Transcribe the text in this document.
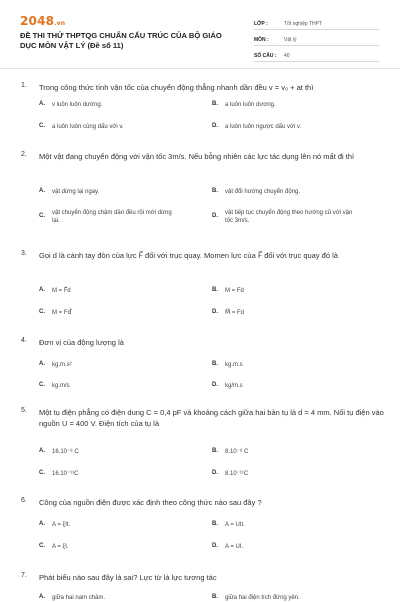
2048.vn
ĐỀ THI THỬ THPTQG CHUẨN CẤU TRÚC CỦA BỘ GIÁO DỤC MÔN VẬT LÝ (Đề số 11)
LỚP :	Tốt nghiệp THPT
MÔN :	Vật lý
SỐ CÂU : 40
1. Trong công thức tính vận tốc của chuyển động thẳng nhanh dần đều v = v₀ + at thì
A. v luôn luôn dương.	B. a luôn luôn dương.
C. a luôn luôn cùng dấu với v.	D. a luôn luôn ngược dấu với v.
2. Một vật đang chuyển động với vận tốc 3m/s. Nếu bỗng nhiên các lực tác dụng lên nó mất đi thì
A. vật dừng lại ngay.	B. vật đổi hướng chuyển động.
C. vật chuyển động chậm dần đều rồi mới dừng lại.
D. vật tiếp tục chuyển động theo hướng cũ với vận tốc 3m/s.
3. Gọi d là cánh tay đòn của lực F⃗ đối với trục quay. Momen lực của F⃗ đối với trục quay đó là
A. M = F⃗d	B. M = Fd
C. M = Fd⃗	D. M⃗ = Fd
4. Đơn vị của động lượng là
A. kg.m.s²	B. kg.m.s
C. kg.m/s	D. kg/m.s
5. Một tụ điện phẳng có điện dung C = 0,4 pF và khoảng cách giữa hai bản tụ là d = 4 mm. Nối tụ điện vào nguồn U = 400 V. Điện tích của tụ là
A. 16.10⁻⁸ C	B. 8.10⁻⁸ C
C. 16.10⁻¹¹C	D. 8.10⁻¹¹C
6. Công của nguồn điện được xác định theo công thức nào sau đây ?
A. A = ξIt.	B. A = UIt.
C. A = ξI.	D. A = UI.
7. Phát biểu nào sau đây là sai? Lực từ là lực tương tác
A. giữa hai nam châm.	B. giữa hai điện tích đứng yên.
